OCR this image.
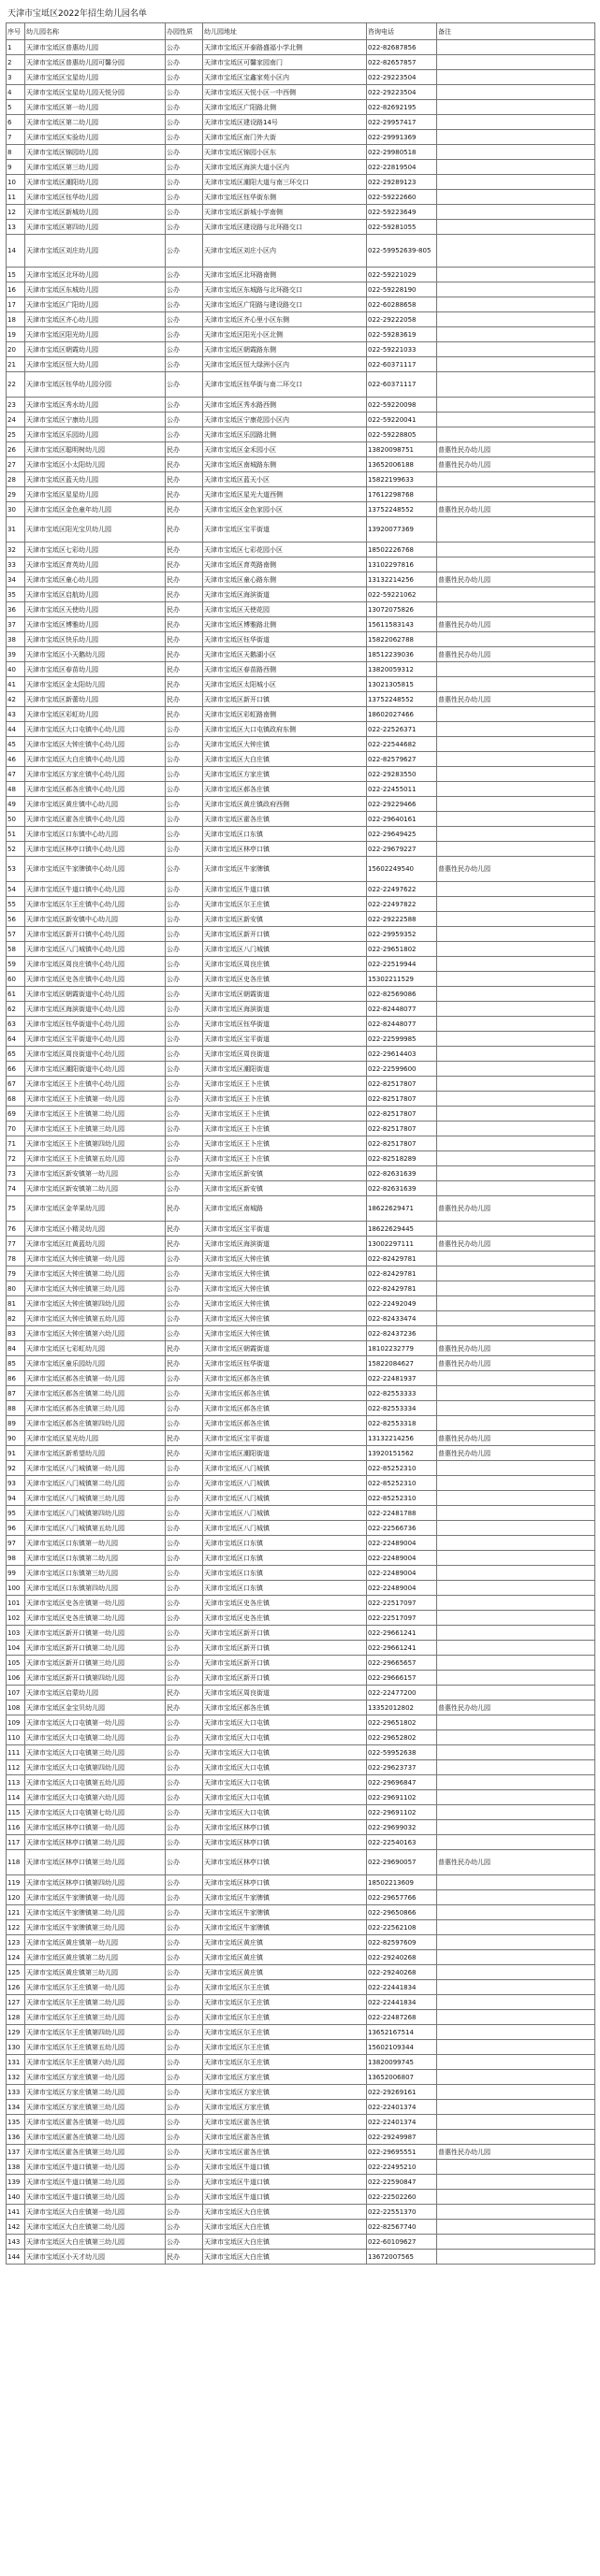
天津市宝坻区2022年招生幼儿园名单
序号	幼儿园名称	办园性质	幼儿园地址	咨询电话	备注
1	天津市宝坻区普惠幼儿园	公办	天津市宝坻区开泰路盛福小学北侧	022-82687856	
2	天津市宝坻区普惠幼儿园可馨分园	公办	天津市宝坻区可馨家园南门	022-82657857	
3	天津市宝坻区宝星幼儿园	公办	天津市宝坻区宝鑫家苑小区内	022-29223504	
4	天津市宝坻区宝星幼儿园天悦分园	公办	天津市宝坻区天悦小区一中西侧	022-29223504	
5	天津市宝坻区第一幼儿园	公办	天津市宝坻区广阳路北侧	022-82692195	
6	天津市宝坻区第二幼儿园	公办	天津市宝坻区建设路14号	022-29957417	
7	天津市宝坻区实验幼儿园	公办	天津市宝坻区南门外大街	022-29991369	
8	天津市宝坻区锦园幼儿园	公办	天津市宝坻区锦园小区东	022-29980518	
9	天津市宝坻区第三幼儿园	公办	天津市宝坻区海滨大道小区内	022-22819504	
10	天津市宝坻区潮阳幼儿园	公办	天津市宝坻区潮阳大道与南三环交口	022-29289123	
11	天津市宝坻区钰华幼儿园	公办	天津市宝坻区钰华街东侧	022-59222660	
12	天津市宝坻区新城幼儿园	公办	天津市宝坻区新城小学南侧	022-59223649	
13	天津市宝坻区第四幼儿园	公办	天津市宝坻区建设路与北环路交口	022-59281055	
14	天津市宝坻区刘庄幼儿园	公办	天津市宝坻区刘庄小区内	022-59952639-805	
15	天津市宝坻区北环幼儿园	公办	天津市宝坻区北环路南侧	022-59221029	
16	天津市宝坻区东城幼儿园	公办	天津市宝坻区东城路与北环路交口	022-59228190	
17	天津市宝坻区广阳幼儿园	公办	天津市宝坻区广阳路与建设路交口	022-60288658	
18	天津市宝坻区齐心幼儿园	公办	天津市宝坻区齐心里小区东侧	022-29222058	
19	天津市宝坻区阳光幼儿园	公办	天津市宝坻区阳光小区北侧	022-59283619	
20	天津市宝坻区朝霞幼儿园	公办	天津市宝坻区朝霞路东侧	022-59221033	
21	天津市宝坻区恒大幼儿园	公办	天津市宝坻区恒大绿洲小区内	022-60371117	
22	天津市宝坻区钰华幼儿园分园	公办	天津市宝坻区钰华街与南二环交口	022-60371117	
23	天津市宝坻区秀水幼儿园	公办	天津市宝坻区秀水路西侧	022-59220098	
24	天津市宝坻区宁康幼儿园	公办	天津市宝坻区宁康花园小区内	022-59220041	
25	天津市宝坻区乐园幼儿园	公办	天津市宝坻区乐园路北侧	022-59228805	
26	天津市宝坻区聪明树幼儿园	民办	天津市宝坻区金禾园小区	13820098751	普惠性民办幼儿园
27	天津市宝坻区小太阳幼儿园	民办	天津市宝坻区南城路东侧	13652006188	普惠性民办幼儿园
28	天津市宝坻区蓝天幼儿园	民办	天津市宝坻区蓝天小区	15822199633	
29	天津市宝坻区星星幼儿园	民办	天津市宝坻区星光大道西侧	17612298768	
30	天津市宝坻区金色童年幼儿园	民办	天津市宝坻区金色家园小区	13752248552	普惠性民办幼儿园
31	天津市宝坻区阳光宝贝幼儿园	民办	天津市宝坻区宝平街道	13920077369	
32	天津市宝坻区七彩幼儿园	民办	天津市宝坻区七彩花园小区	18502226768	
33	天津市宝坻区育英幼儿园	民办	天津市宝坻区育英路南侧	13102297816	
34	天津市宝坻区童心幼儿园	民办	天津市宝坻区童心路东侧	13132214256	普惠性民办幼儿园
35	天津市宝坻区启航幼儿园	民办	天津市宝坻区海滨街道	022-59221062	
36	天津市宝坻区天使幼儿园	民办	天津市宝坻区天使花园	13072075826	
37	天津市宝坻区博雅幼儿园	民办	天津市宝坻区博雅路北侧	15611583143	普惠性民办幼儿园
38	天津市宝坻区快乐幼儿园	民办	天津市宝坻区钰华街道	15822062788	
39	天津市宝坻区小天鹅幼儿园	民办	天津市宝坻区天鹅湖小区	18512239036	普惠性民办幼儿园
40	天津市宝坻区春苗幼儿园	民办	天津市宝坻区春苗路西侧	13820059312	
41	天津市宝坻区金太阳幼儿园	民办	天津市宝坻区太阳城小区	13021305815	
42	天津市宝坻区新蕾幼儿园	民办	天津市宝坻区新开口镇	13752248552	普惠性民办幼儿园
43	天津市宝坻区彩虹幼儿园	民办	天津市宝坻区彩虹路南侧	18602027466	
44	天津市宝坻区大口屯镇中心幼儿园	公办	天津市宝坻区大口屯镇政府东侧	022-22526371	
45	天津市宝坻区大钟庄镇中心幼儿园	公办	天津市宝坻区大钟庄镇	022-22544682	
46	天津市宝坻区大白庄镇中心幼儿园	公办	天津市宝坻区大白庄镇	022-82579627	
47	天津市宝坻区方家庄镇中心幼儿园	公办	天津市宝坻区方家庄镇	022-29283550	
48	天津市宝坻区郝各庄镇中心幼儿园	公办	天津市宝坻区郝各庄镇	022-22455011	
49	天津市宝坻区黄庄镇中心幼儿园	公办	天津市宝坻区黄庄镇政府西侧	022-29229466	
50	天津市宝坻区霍各庄镇中心幼儿园	公办	天津市宝坻区霍各庄镇	022-29640161	
51	天津市宝坻区口东镇中心幼儿园	公办	天津市宝坻区口东镇	022-29649425	
52	天津市宝坻区林亭口镇中心幼儿园	公办	天津市宝坻区林亭口镇	022-29679227	
53	天津市宝坻区牛家牌镇中心幼儿园	公办	天津市宝坻区牛家牌镇	15602249540	普惠性民办幼儿园
54	天津市宝坻区牛道口镇中心幼儿园	公办	天津市宝坻区牛道口镇	022-22497622	
55	天津市宝坻区尔王庄镇中心幼儿园	公办	天津市宝坻区尔王庄镇	022-22497822	
56	天津市宝坻区新安镇中心幼儿园	公办	天津市宝坻区新安镇	022-29222588	
57	天津市宝坻区新开口镇中心幼儿园	公办	天津市宝坻区新开口镇	022-29959352	
58	天津市宝坻区八门城镇中心幼儿园	公办	天津市宝坻区八门城镇	022-29651802	
59	天津市宝坻区周良庄镇中心幼儿园	公办	天津市宝坻区周良庄镇	022-22519944	
60	天津市宝坻区史各庄镇中心幼儿园	公办	天津市宝坻区史各庄镇	15302211529	
61	天津市宝坻区朝霞街道中心幼儿园	公办	天津市宝坻区朝霞街道	022-82569086	
62	天津市宝坻区海滨街道中心幼儿园	公办	天津市宝坻区海滨街道	022-82448077	
63	天津市宝坻区钰华街道中心幼儿园	公办	天津市宝坻区钰华街道	022-82448077	
64	天津市宝坻区宝平街道中心幼儿园	公办	天津市宝坻区宝平街道	022-22599985	
65	天津市宝坻区周良街道中心幼儿园	公办	天津市宝坻区周良街道	022-29614403	
66	天津市宝坻区潮阳街道中心幼儿园	公办	天津市宝坻区潮阳街道	022-22599600	
67	天津市宝坻区王卜庄镇中心幼儿园	公办	天津市宝坻区王卜庄镇	022-82517807	
68	天津市宝坻区王卜庄镇第一幼儿园	公办	天津市宝坻区王卜庄镇	022-82517807	
69	天津市宝坻区王卜庄镇第二幼儿园	公办	天津市宝坻区王卜庄镇	022-82517807	
70	天津市宝坻区王卜庄镇第三幼儿园	公办	天津市宝坻区王卜庄镇	022-82517807	
71	天津市宝坻区王卜庄镇第四幼儿园	公办	天津市宝坻区王卜庄镇	022-82517807	
72	天津市宝坻区王卜庄镇第五幼儿园	公办	天津市宝坻区王卜庄镇	022-82518289	
73	天津市宝坻区新安镇第一幼儿园	公办	天津市宝坻区新安镇	022-82631639	
74	天津市宝坻区新安镇第二幼儿园	公办	天津市宝坻区新安镇	022-82631639	
75	天津市宝坻区金苹果幼儿园	民办	天津市宝坻区南城路	18622629471	普惠性民办幼儿园
76	天津市宝坻区小精灵幼儿园	民办	天津市宝坻区宝平街道	18622629445	
77	天津市宝坻区红黄蓝幼儿园	民办	天津市宝坻区海滨街道	13002297111	普惠性民办幼儿园
78	天津市宝坻区大钟庄镇第一幼儿园	公办	天津市宝坻区大钟庄镇	022-82429781	
79	天津市宝坻区大钟庄镇第二幼儿园	公办	天津市宝坻区大钟庄镇	022-82429781	
80	天津市宝坻区大钟庄镇第三幼儿园	公办	天津市宝坻区大钟庄镇	022-82429781	
81	天津市宝坻区大钟庄镇第四幼儿园	公办	天津市宝坻区大钟庄镇	022-22492049	
82	天津市宝坻区大钟庄镇第五幼儿园	公办	天津市宝坻区大钟庄镇	022-82433474	
83	天津市宝坻区大钟庄镇第六幼儿园	公办	天津市宝坻区大钟庄镇	022-82437236	
84	天津市宝坻区七彩虹幼儿园	民办	天津市宝坻区朝霞街道	18102232779	普惠性民办幼儿园
85	天津市宝坻区童乐园幼儿园	民办	天津市宝坻区钰华街道	15822084627	普惠性民办幼儿园
86	天津市宝坻区郝各庄镇第一幼儿园	公办	天津市宝坻区郝各庄镇	022-22481937	
87	天津市宝坻区郝各庄镇第二幼儿园	公办	天津市宝坻区郝各庄镇	022-82553333	
88	天津市宝坻区郝各庄镇第三幼儿园	公办	天津市宝坻区郝各庄镇	022-82553334	
89	天津市宝坻区郝各庄镇第四幼儿园	公办	天津市宝坻区郝各庄镇	022-82553318	
90	天津市宝坻区星光幼儿园	民办	天津市宝坻区宝平街道	13132214256	普惠性民办幼儿园
91	天津市宝坻区新希望幼儿园	民办	天津市宝坻区潮阳街道	13920151562	普惠性民办幼儿园
92	天津市宝坻区八门城镇第一幼儿园	公办	天津市宝坻区八门城镇	022-85252310	
93	天津市宝坻区八门城镇第二幼儿园	公办	天津市宝坻区八门城镇	022-85252310	
94	天津市宝坻区八门城镇第三幼儿园	公办	天津市宝坻区八门城镇	022-85252310	
95	天津市宝坻区八门城镇第四幼儿园	公办	天津市宝坻区八门城镇	022-22481788	
96	天津市宝坻区八门城镇第五幼儿园	公办	天津市宝坻区八门城镇	022-22566736	
97	天津市宝坻区口东镇第一幼儿园	公办	天津市宝坻区口东镇	022-22489004	
98	天津市宝坻区口东镇第二幼儿园	公办	天津市宝坻区口东镇	022-22489004	
99	天津市宝坻区口东镇第三幼儿园	公办	天津市宝坻区口东镇	022-22489004	
100	天津市宝坻区口东镇第四幼儿园	公办	天津市宝坻区口东镇	022-22489004	
101	天津市宝坻区史各庄镇第一幼儿园	公办	天津市宝坻区史各庄镇	022-22517097	
102	天津市宝坻区史各庄镇第二幼儿园	公办	天津市宝坻区史各庄镇	022-22517097	
103	天津市宝坻区新开口镇第一幼儿园	公办	天津市宝坻区新开口镇	022-29661241	
104	天津市宝坻区新开口镇第二幼儿园	公办	天津市宝坻区新开口镇	022-29661241	
105	天津市宝坻区新开口镇第三幼儿园	公办	天津市宝坻区新开口镇	022-29665657	
106	天津市宝坻区新开口镇第四幼儿园	公办	天津市宝坻区新开口镇	022-29666157	
107	天津市宝坻区启蒙幼儿园	民办	天津市宝坻区周良街道	022-22477200	
108	天津市宝坻区金宝贝幼儿园	民办	天津市宝坻区郝各庄镇	13352012802	普惠性民办幼儿园
109	天津市宝坻区大口屯镇第一幼儿园	公办	天津市宝坻区大口屯镇	022-29651802	
110	天津市宝坻区大口屯镇第二幼儿园	公办	天津市宝坻区大口屯镇	022-29652802	
111	天津市宝坻区大口屯镇第三幼儿园	公办	天津市宝坻区大口屯镇	022-59952638	
112	天津市宝坻区大口屯镇第四幼儿园	公办	天津市宝坻区大口屯镇	022-29623737	
113	天津市宝坻区大口屯镇第五幼儿园	公办	天津市宝坻区大口屯镇	022-29696847	
114	天津市宝坻区大口屯镇第六幼儿园	公办	天津市宝坻区大口屯镇	022-29691102	
115	天津市宝坻区大口屯镇第七幼儿园	公办	天津市宝坻区大口屯镇	022-29691102	
116	天津市宝坻区林亭口镇第一幼儿园	公办	天津市宝坻区林亭口镇	022-29699032	
117	天津市宝坻区林亭口镇第二幼儿园	公办	天津市宝坻区林亭口镇	022-22540163	
118	天津市宝坻区林亭口镇第三幼儿园	公办	天津市宝坻区林亭口镇	022-29690057	普惠性民办幼儿园
119	天津市宝坻区林亭口镇第四幼儿园	公办	天津市宝坻区林亭口镇	18502213609	
120	天津市宝坻区牛家牌镇第一幼儿园	公办	天津市宝坻区牛家牌镇	022-29657766	
121	天津市宝坻区牛家牌镇第二幼儿园	公办	天津市宝坻区牛家牌镇	022-29650866	
122	天津市宝坻区牛家牌镇第三幼儿园	公办	天津市宝坻区牛家牌镇	022-22562108	
123	天津市宝坻区黄庄镇第一幼儿园	公办	天津市宝坻区黄庄镇	022-82597609	
124	天津市宝坻区黄庄镇第二幼儿园	公办	天津市宝坻区黄庄镇	022-29240268	
125	天津市宝坻区黄庄镇第三幼儿园	公办	天津市宝坻区黄庄镇	022-29240268	
126	天津市宝坻区尔王庄镇第一幼儿园	公办	天津市宝坻区尔王庄镇	022-22441834	
127	天津市宝坻区尔王庄镇第二幼儿园	公办	天津市宝坻区尔王庄镇	022-22441834	
128	天津市宝坻区尔王庄镇第三幼儿园	公办	天津市宝坻区尔王庄镇	022-22487268	
129	天津市宝坻区尔王庄镇第四幼儿园	公办	天津市宝坻区尔王庄镇	13652167514	
130	天津市宝坻区尔王庄镇第五幼儿园	公办	天津市宝坻区尔王庄镇	15602109344	
131	天津市宝坻区尔王庄镇第六幼儿园	公办	天津市宝坻区尔王庄镇	13820099745	
132	天津市宝坻区方家庄镇第一幼儿园	公办	天津市宝坻区方家庄镇	13652006807	
133	天津市宝坻区方家庄镇第二幼儿园	公办	天津市宝坻区方家庄镇	022-29269161	
134	天津市宝坻区方家庄镇第三幼儿园	公办	天津市宝坻区方家庄镇	022-22401374	
135	天津市宝坻区霍各庄镇第一幼儿园	公办	天津市宝坻区霍各庄镇	022-22401374	
136	天津市宝坻区霍各庄镇第二幼儿园	公办	天津市宝坻区霍各庄镇	022-29249987	
137	天津市宝坻区霍各庄镇第三幼儿园	公办	天津市宝坻区霍各庄镇	022-29695551	普惠性民办幼儿园
138	天津市宝坻区牛道口镇第一幼儿园	公办	天津市宝坻区牛道口镇	022-22495210	
139	天津市宝坻区牛道口镇第二幼儿园	公办	天津市宝坻区牛道口镇	022-22590847	
140	天津市宝坻区牛道口镇第三幼儿园	公办	天津市宝坻区牛道口镇	022-22502260	
141	天津市宝坻区大白庄镇第一幼儿园	公办	天津市宝坻区大白庄镇	022-22551370	
142	天津市宝坻区大白庄镇第二幼儿园	公办	天津市宝坻区大白庄镇	022-82567740	
143	天津市宝坻区大白庄镇第三幼儿园	公办	天津市宝坻区大白庄镇	022-60109627	
144	天津市宝坻区小天才幼儿园	民办	天津市宝坻区大白庄镇	13672007565	
